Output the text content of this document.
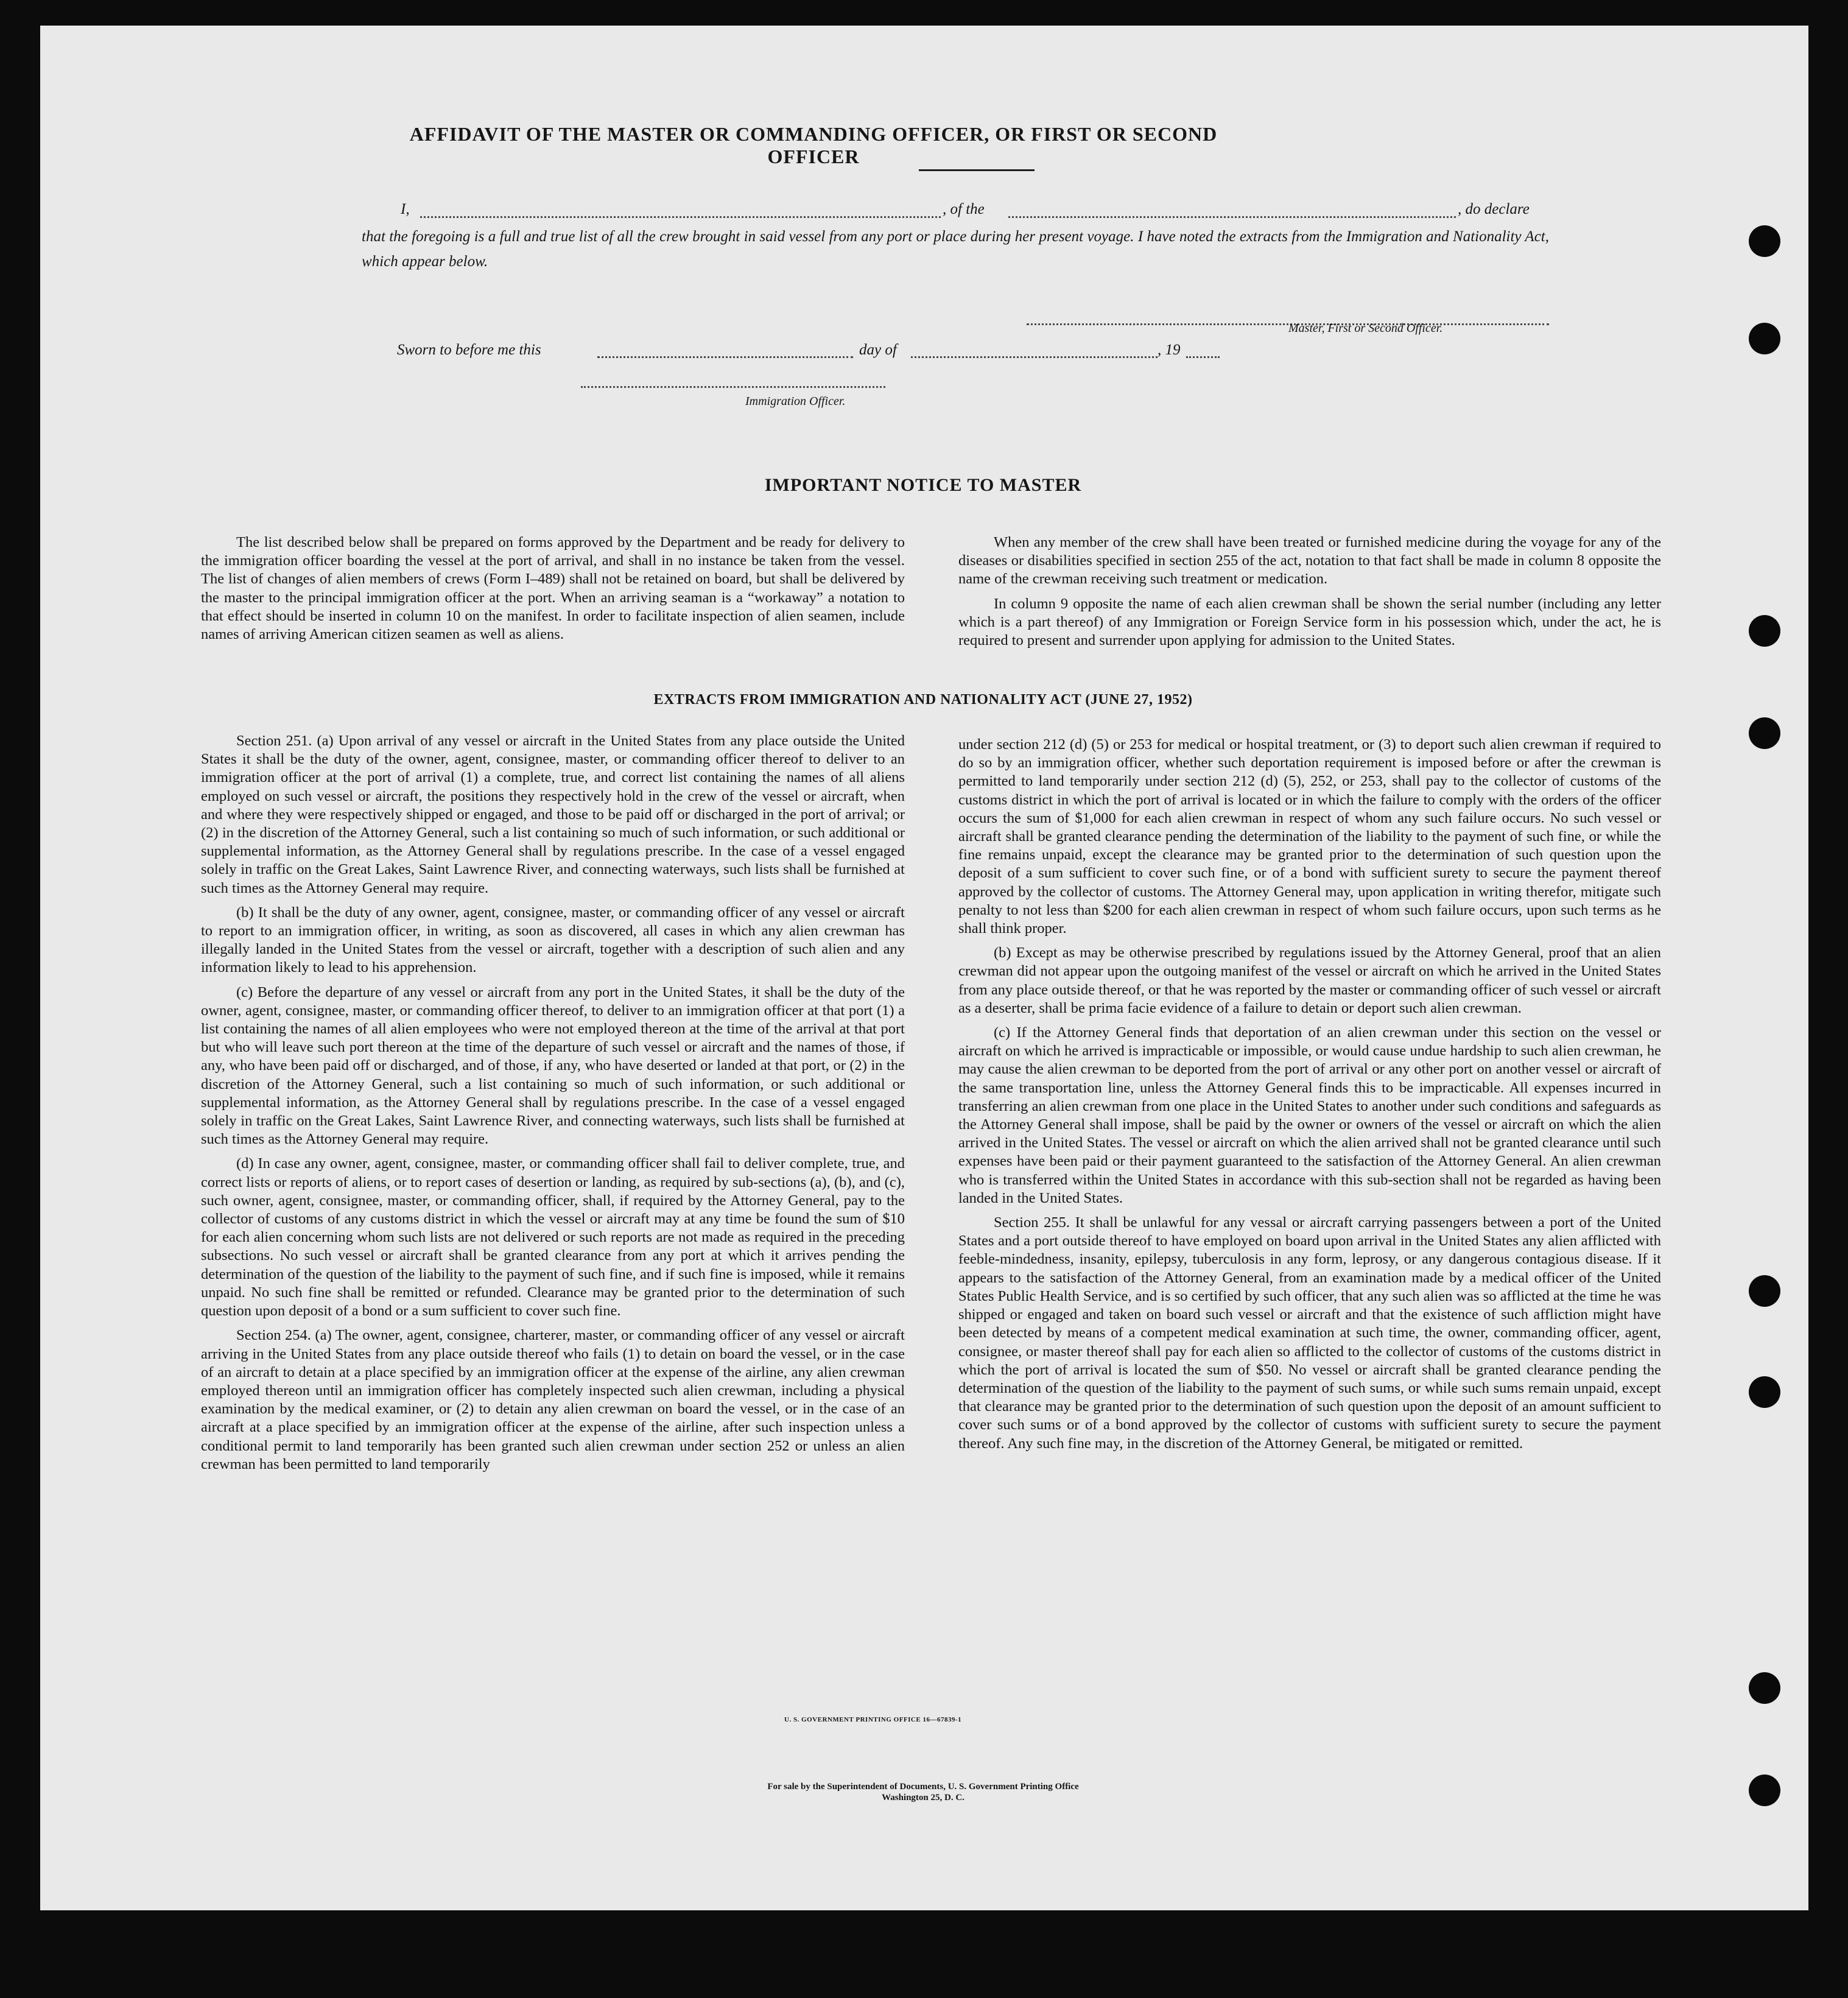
AFFIDAVIT OF THE MASTER OR COMMANDING OFFICER, OR FIRST OR SECOND OFFICER
I,	, of the	, do declare
that the foregoing is a full and true list of all the crew brought in said vessel from any port or place during her present voyage. I have noted the extracts from the Immigration and Nationality Act, which appear below.
Master, First or Second Officer.
Sworn to before me this	day of	, 19
Immigration Officer.
IMPORTANT NOTICE TO MASTER

The list described below shall be prepared on forms approved by the Department and be ready for delivery to the immigration officer boarding the vessel at the port of arrival, and shall in no instance be taken from the vessel. The list of changes of alien members of crews (Form I–489) shall not be retained on board, but shall be delivered by the master to the principal immigration officer at the port. When an arriving seaman is a “workaway” a notation to that effect should be inserted in column 10 on the manifest. In order to facilitate inspection of alien seamen, include names of arriving American citizen seamen as well as aliens.

When any member of the crew shall have been treated or furnished medicine during the voyage for any of the diseases or disabilities specified in section 255 of the act, notation to that fact shall be made in column 8 opposite the name of the crewman receiving such treatment or medication.

In column 9 opposite the name of each alien crewman shall be shown the serial number (including any letter which is a part thereof) of any Immigration or Foreign Service form in his possession which, under the act, he is required to present and surrender upon applying for admission to the United States.

EXTRACTS FROM IMMIGRATION AND NATIONALITY ACT (JUNE 27, 1952)

Section 251. (a) Upon arrival of any vessel or aircraft in the United States from any place outside the United States it shall be the duty of the owner, agent, consignee, master, or commanding officer thereof to deliver to an immigration officer at the port of arrival (1) a complete, true, and correct list containing the names of all aliens employed on such vessel or aircraft, the positions they respectively hold in the crew of the vessel or aircraft, when and where they were respectively shipped or engaged, and those to be paid off or discharged in the port of arrival; or (2) in the discretion of the Attorney General, such a list containing so much of such information, or such additional or supplemental information, as the Attorney General shall by regulations prescribe. In the case of a vessel engaged solely in traffic on the Great Lakes, Saint Lawrence River, and connecting waterways, such lists shall be furnished at such times as the Attorney General may require.

(b) It shall be the duty of any owner, agent, consignee, master, or commanding officer of any vessel or aircraft to report to an immigration officer, in writing, as soon as discovered, all cases in which any alien crewman has illegally landed in the United States from the vessel or aircraft, together with a description of such alien and any information likely to lead to his apprehension.

(c) Before the departure of any vessel or aircraft from any port in the United States, it shall be the duty of the owner, agent, consignee, master, or commanding officer thereof, to deliver to an immigration officer at that port (1) a list containing the names of all alien employees who were not employed thereon at the time of the arrival at that port but who will leave such port thereon at the time of the departure of such vessel or aircraft and the names of those, if any, who have been paid off or discharged, and of those, if any, who have deserted or landed at that port, or (2) in the discretion of the Attorney General, such a list containing so much of such information, or such additional or supplemental information, as the Attorney General shall by regulations prescribe. In the case of a vessel engaged solely in traffic on the Great Lakes, Saint Lawrence River, and connecting waterways, such lists shall be furnished at such times as the Attorney General may require.

(d) In case any owner, agent, consignee, master, or commanding officer shall fail to deliver complete, true, and correct lists or reports of aliens, or to report cases of desertion or landing, as required by sub-sections (a), (b), and (c), such owner, agent, consignee, master, or commanding officer, shall, if required by the Attorney General, pay to the collector of customs of any customs district in which the vessel or aircraft may at any time be found the sum of $10 for each alien concerning whom such lists are not delivered or such reports are not made as required in the preceding subsections. No such vessel or aircraft shall be granted clearance from any port at which it arrives pending the determination of the question of the liability to the payment of such fine, and if such fine is imposed, while it remains unpaid. No such fine shall be remitted or refunded. Clearance may be granted prior to the determination of such question upon deposit of a bond or a sum sufficient to cover such fine.

Section 254. (a) The owner, agent, consignee, charterer, master, or commanding officer of any vessel or aircraft arriving in the United States from any place outside thereof who fails (1) to detain on board the vessel, or in the case of an aircraft to detain at a place specified by an immigration officer at the expense of the airline, any alien crewman employed thereon until an immigration officer has completely inspected such alien crewman, including a physical examination by the medical examiner, or (2) to detain any alien crewman on board the vessel, or in the case of an aircraft at a place specified by an immigration officer at the expense of the airline, after such inspection unless a conditional permit to land temporarily has been granted such alien crewman under section 252 or unless an alien crewman has been permitted to land temporarily

under section 212 (d) (5) or 253 for medical or hospital treatment, or (3) to deport such alien crewman if required to do so by an immigration officer, whether such deportation requirement is imposed before or after the crewman is permitted to land temporarily under section 212 (d) (5), 252, or 253, shall pay to the collector of customs of the customs district in which the port of arrival is located or in which the failure to comply with the orders of the officer occurs the sum of $1,000 for each alien crewman in respect of whom any such failure occurs. No such vessel or aircraft shall be granted clearance pending the determination of the liability to the payment of such fine, or while the fine remains unpaid, except the clearance may be granted prior to the determination of such question upon the deposit of a sum sufficient to cover such fine, or of a bond with sufficient surety to secure the payment thereof approved by the collector of customs. The Attorney General may, upon application in writing therefor, mitigate such penalty to not less than $200 for each alien crewman in respect of whom such failure occurs, upon such terms as he shall think proper.

(b) Except as may be otherwise prescribed by regulations issued by the Attorney General, proof that an alien crewman did not appear upon the outgoing manifest of the vessel or aircraft on which he arrived in the United States from any place outside thereof, or that he was reported by the master or commanding officer of such vessel or aircraft as a deserter, shall be prima facie evidence of a failure to detain or deport such alien crewman.

(c) If the Attorney General finds that deportation of an alien crewman under this section on the vessel or aircraft on which he arrived is impracticable or impossible, or would cause undue hardship to such alien crewman, he may cause the alien crewman to be deported from the port of arrival or any other port on another vessel or aircraft of the same transportation line, unless the Attorney General finds this to be impracticable. All expenses incurred in transferring an alien crewman from one place in the United States to another under such conditions and safeguards as the Attorney General shall impose, shall be paid by the owner or owners of the vessel or aircraft on which the alien arrived in the United States. The vessel or aircraft on which the alien arrived shall not be granted clearance until such expenses have been paid or their payment guaranteed to the satisfaction of the Attorney General. An alien crewman who is transferred within the United States in accordance with this sub-section shall not be regarded as having been landed in the United States.

Section 255. It shall be unlawful for any vessal or aircraft carrying passengers between a port of the United States and a port outside thereof to have employed on board upon arrival in the United States any alien afflicted with feeble-mindedness, insanity, epilepsy, tuberculosis in any form, leprosy, or any dangerous contagious disease. If it appears to the satisfaction of the Attorney General, from an examination made by a medical officer of the United States Public Health Service, and is so certified by such officer, that any such alien was so afflicted at the time he was shipped or engaged and taken on board such vessel or aircraft and that the existence of such affliction might have been detected by means of a competent medical examination at such time, the owner, commanding officer, agent, consignee, or master thereof shall pay for each alien so afflicted to the collector of customs of the customs district in which the port of arrival is located the sum of $50. No vessel or aircraft shall be granted clearance pending the determination of the question of the liability to the payment of such sums, or while such sums remain unpaid, except that clearance may be granted prior to the determination of such question upon the deposit of an amount sufficient to cover such sums or of a bond approved by the collector of customs with sufficient surety to secure the payment thereof. Any such fine may, in the discretion of the Attorney General, be mitigated or remitted.

U. S. GOVERNMENT PRINTING OFFICE 16—67839-1
For sale by the Superintendent of Documents, U. S. Government Printing Office
Washington 25, D. C.
